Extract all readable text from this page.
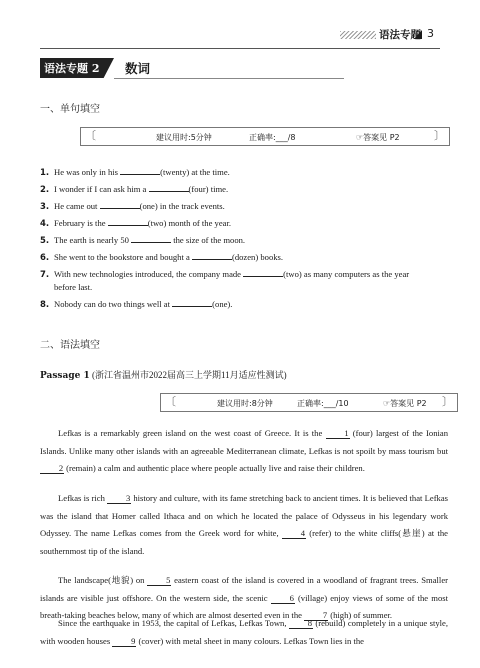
语法专题 3
语法专题 2 数词
一、单句填空
〔	建议用时:5分钟	正确率:___/8	☞答案见 P2	〕
1. He was only in his	(twenty) at the time.
2. I wonder if I can ask him a	(four) time.
3. He came out	(one) in the track events.
4. February is the	(two) month of the year.
5. The earth is nearly 50	the size of the moon.
6. She went to the bookstore and bought a	(dozen) books.
7. With new technologies introduced, the company made	(two) as many computers as the year
before last.
8. Nobody can do two things well at	(one).
二、语法填空
Passage 1 (浙江省温州市2022届高三上学期11月适应性测试)
〔	建议用时:8分钟	正确率:___/10	☞答案见 P2 〕
Lefkas is a remarkably green island on the west coast of Greece. It is the 1 (four) largest of the Ionian Islands. Unlike many other islands with an agreeable Mediterranean climate, Lefkas is not spoilt by mass tourism but 2 (remain) a calm and authentic place where people actually live and raise their children.
Lefkas is rich 3 history and culture, with its fame stretching back to ancient times. It is believed that Lefkas was the island that Homer called Ithaca and on which he located the palace of Odysseus in his legendary work Odyssey. The name Lefkas comes from the Greek word for white, 4 (refer) to the white cliffs(悬崖) at the southernmost tip of the island.
The landscape(地貌) on 5 eastern coast of the island is covered in a woodland of fragrant trees. Smaller islands are visible just offshore. On the western side, the scenic 6 (village) enjoy views of some of the most breath-taking beaches below, many of which are almost deserted even in the 7 (high) of summer.
Since the earthquake in 1953, the capital of Lefkas, Lefkas Town, 8 (rebuild) completely in a unique style, with wooden houses 9 (cover) with metal sheet in many colours. Lefkas Town lies in the
